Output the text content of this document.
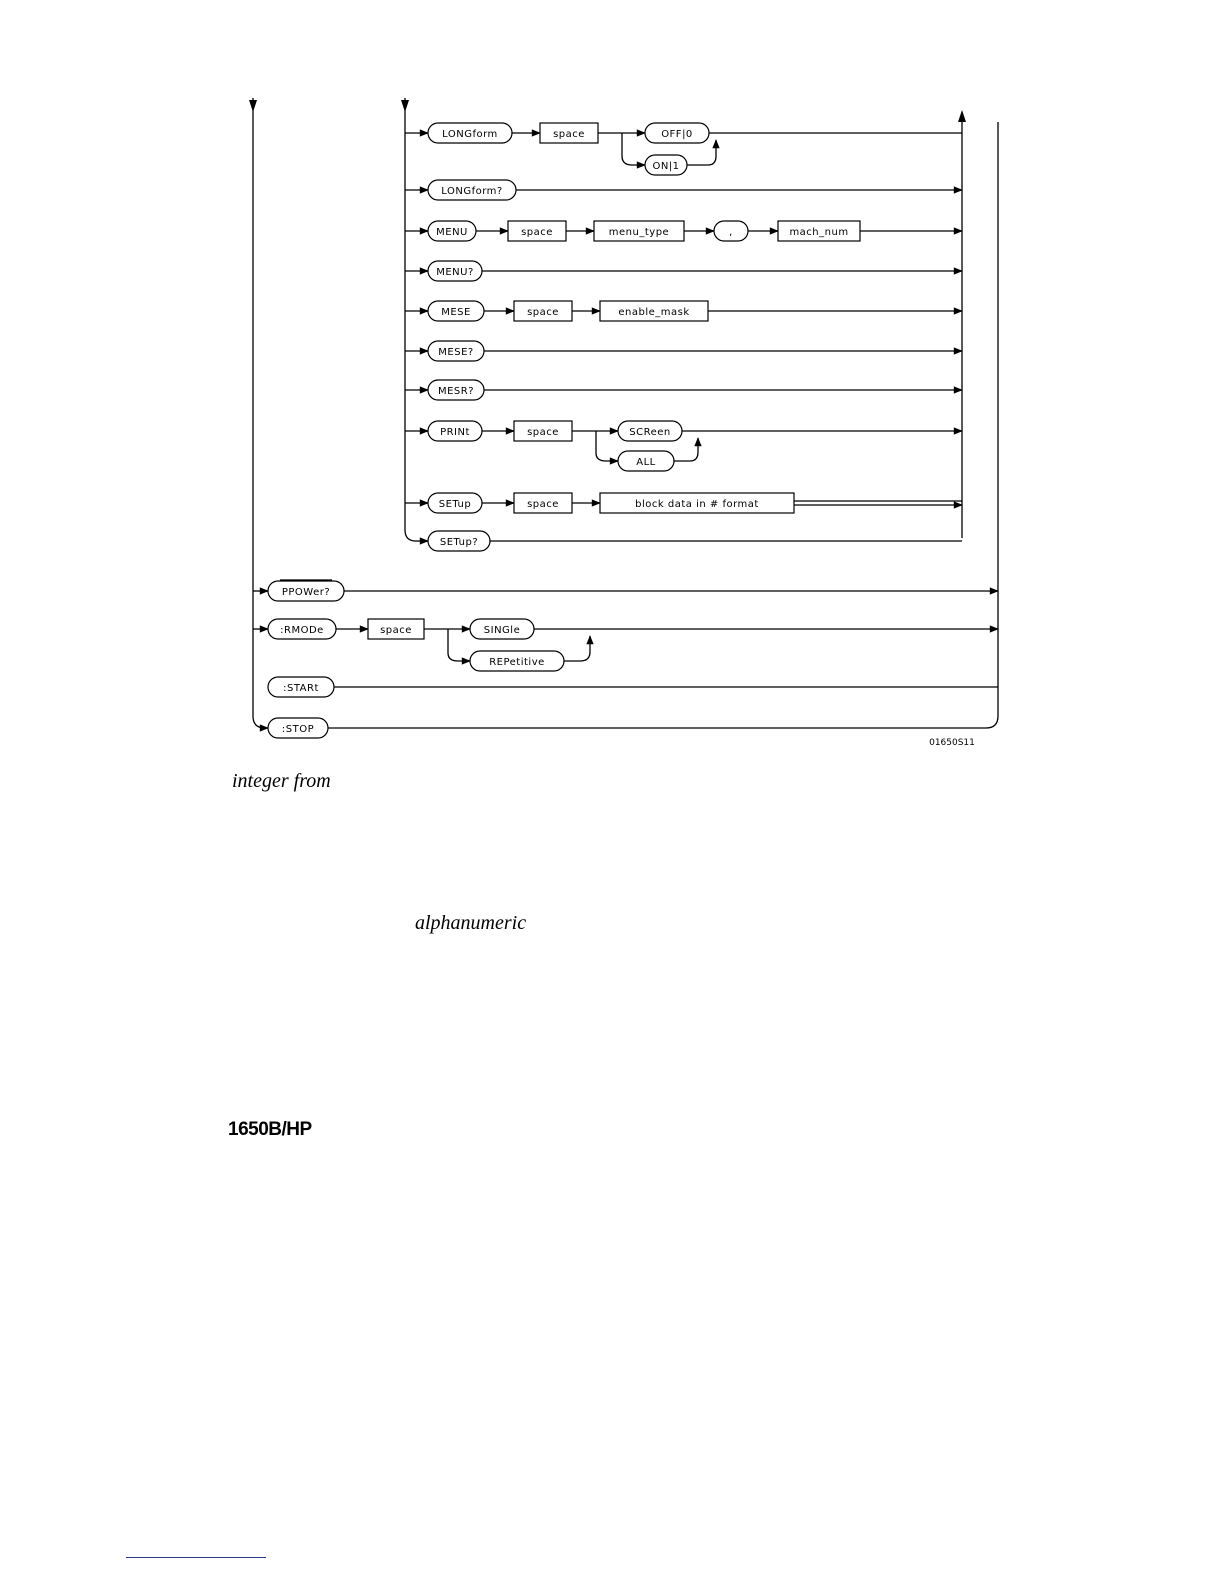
LONGform	space	OFF|0
ON|1
LONGform?
MENU	space	menu_type	,	mach_num
MENU?
MESE	space	enable_mask
MESE?
MESR?
PRINt	space	SCReen
ALL
SETup	space	block data in # format
SETup?
PPOWer?
:RMODe	space	SINGle
REPetitive
:STARt
:STOP
01650S11
integer from
alphanumeric
1650B/HP
